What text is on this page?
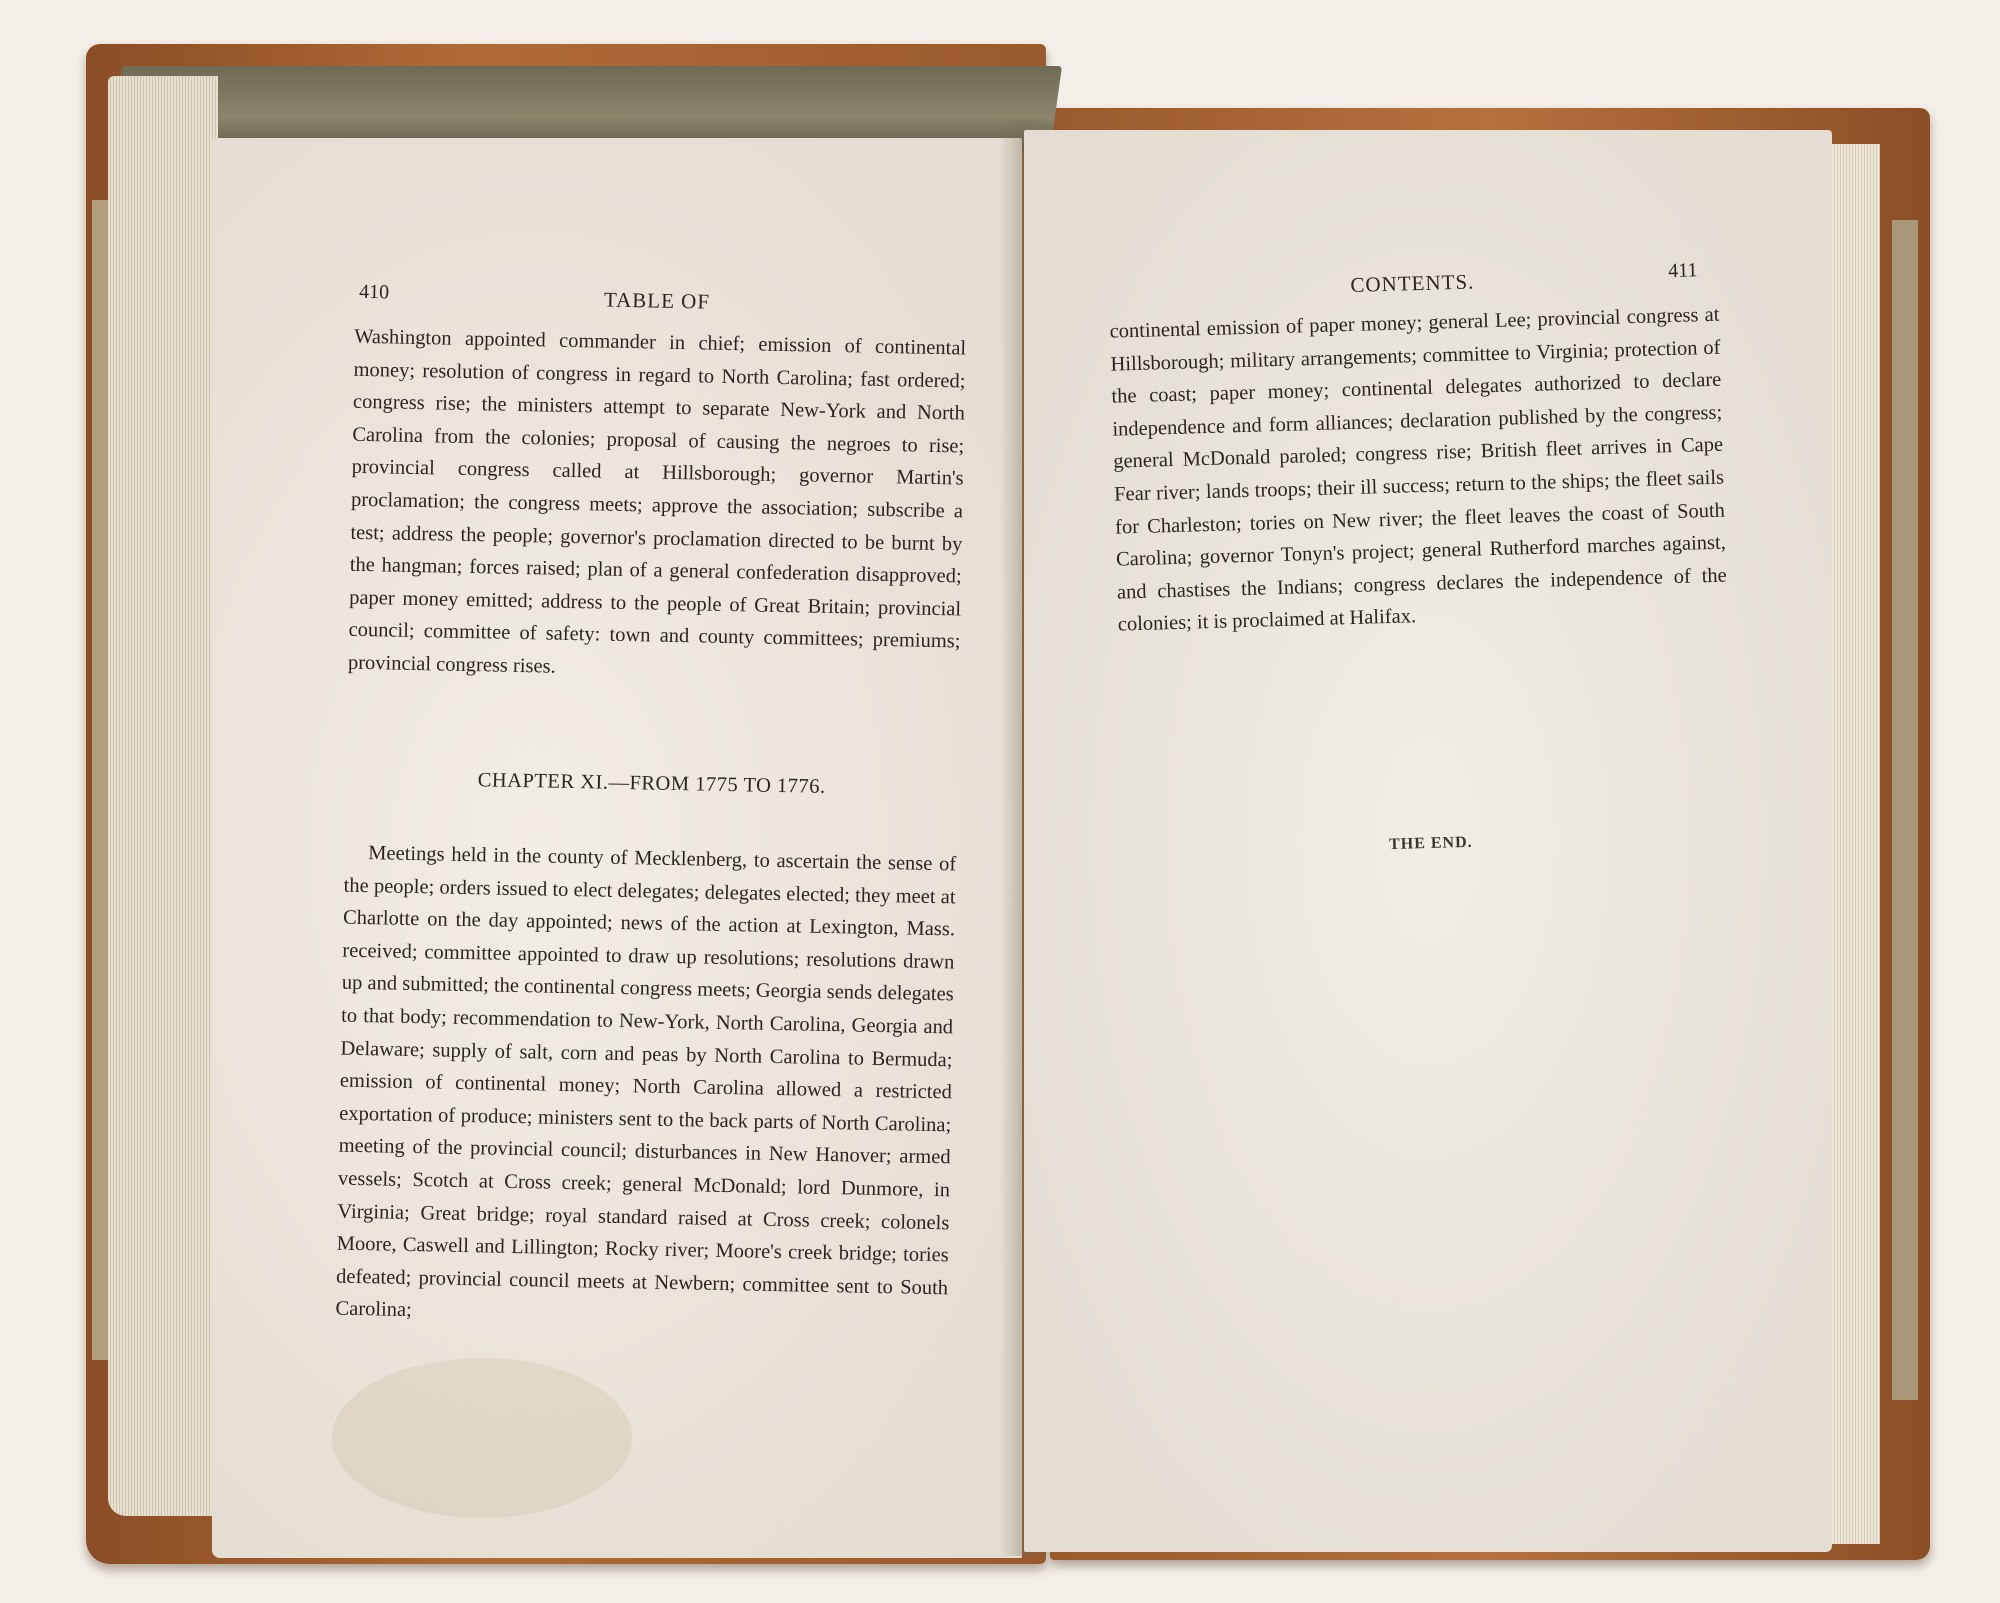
410	TABLE OF
Washington appointed commander in chief; emission of continental money; resolution of congress in regard to North Carolina; fast ordered; congress rise; the ministers attempt to separate New-York and North Carolina from the colonies; proposal of causing the negroes to rise; provincial congress called at Hillsborough; governor Martin's proclamation; the congress meets; approve the association; subscribe a test; address the people; governor's proclamation directed to be burnt by the hangman; forces raised; plan of a general confederation disapproved; paper money emitted; address to the people of Great Britain; provincial council; committee of safety: town and county committees; premiums; provincial congress rises.
CHAPTER XI.—FROM 1775 TO 1776.
Meetings held in the county of Mecklenberg, to ascertain the sense of the people; orders issued to elect delegates; delegates elected; they meet at Charlotte on the day appointed; news of the action at Lexington, Mass. received; committee appointed to draw up resolutions; resolutions drawn up and submitted; the continental congress meets; Georgia sends delegates to that body; recommendation to New-York, North Carolina, Georgia and Delaware; supply of salt, corn and peas by North Carolina to Bermuda; emission of continental money; North Carolina allowed a restricted exportation of produce; ministers sent to the back parts of North Carolina; meeting of the provincial council; disturbances in New Hanover; armed vessels; Scotch at Cross creek; general McDonald; lord Dunmore, in Virginia; Great bridge; royal standard raised at Cross creek; colonels Moore, Caswell and Lillington; Rocky river; Moore's creek bridge; tories defeated; provincial council meets at Newbern; committee sent to South Carolina;
CONTENTS.	411
continental emission of paper money; general Lee; provincial congress at Hillsborough; military arrangements; committee to Virginia; protection of the coast; paper money; continental delegates authorized to declare independence and form alliances; declaration published by the congress; general McDonald paroled; congress rise; British fleet arrives in Cape Fear river; lands troops; their ill success; return to the ships; the fleet sails for Charleston; tories on New river; the fleet leaves the coast of South Carolina; governor Tonyn's project; general Rutherford marches against, and chastises the Indians; congress declares the independence of the colonies; it is proclaimed at Halifax.
THE END.
